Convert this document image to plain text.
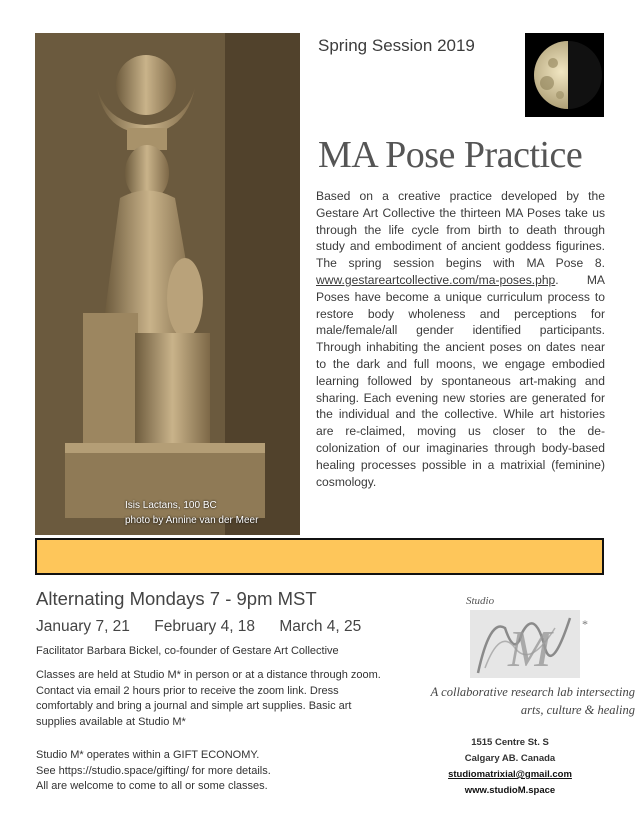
Isis Lactans, 100 BC
photo by Annine van der Meer
Spring Session 2019
MA Pose Practice
Based on a creative practice developed by the Gestare Art Collective the thirteen MA Poses take us through the life cycle from birth to death through study and embodiment of ancient goddess figurines. The spring session begins with MA Pose 8. www.gestareartcollective.com/ma-poses.php. MA Poses have become a unique curriculum process to restore body wholeness and perceptions for male/female/all gender identified participants. Through inhabiting the ancient poses on dates near to the dark and full moons, we engage embodied learning followed by spontaneous art-making and sharing. Each evening new stories are generated for the individual and the collective. While art histories are re-claimed, moving us closer to the de-colonization of our imaginaries through body-based healing processes possible in a matrixial (feminine) cosmology.
Alternating Mondays 7 - 9pm MST
January 7, 21 February 4, 18 March 4, 25
Facilitator Barbara Bickel, co-founder of Gestare Art Collective
Classes are held at Studio M* in person or at a distance through zoom. Contact via email 2 hours prior to receive the zoom link. Dress comfortably and bring a journal and simple art supplies. Basic art supplies available at Studio M*
Studio M* operates within a GIFT ECONOMY.
See https://studio.space/gifting/ for more details.
All are welcome to come to all or some classes.
Studio
M	*
A collaborative research lab intersecting
arts, culture & healing
1515 Centre St. S
Calgary AB. Canada
studiomatrixial@gmail.com
www.studioM.space
